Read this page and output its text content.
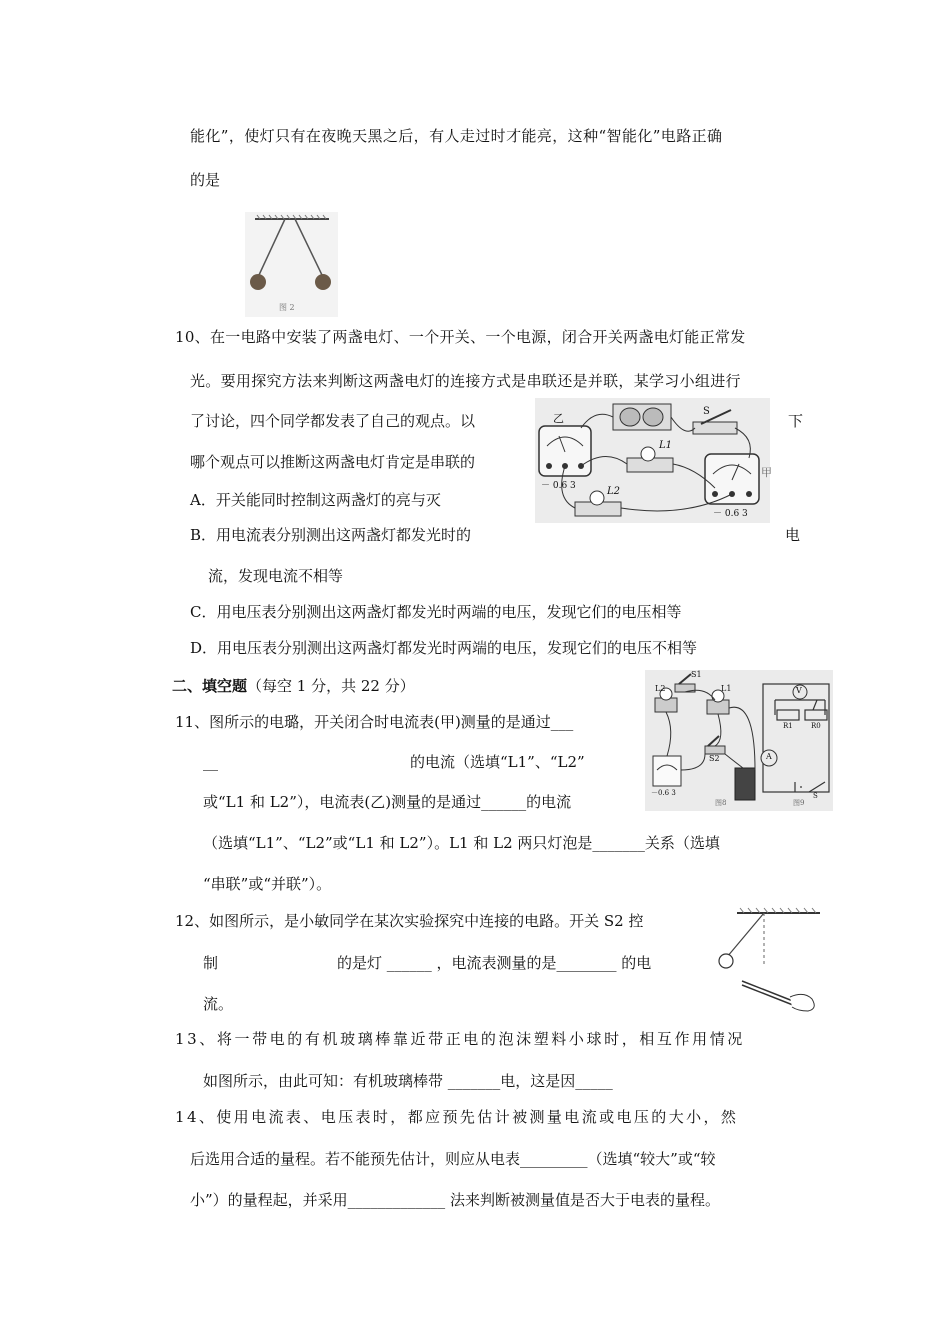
能化”，使灯只有在夜晚天黑之后，有人走过时才能亮，这种“智能化”电路正确
的是
图 2
10、在一电路中安装了两盏电灯、一个开关、一个电源，闭合开关两盏电灯能正常发
光。要用探究方法来判断这两盏电灯的连接方式是串联还是并联，某学习小组进行
了讨论，四个同学都发表了自己的观点。以	下
哪个观点可以推断这两盏电灯肯定是串联的
A．开关能同时控制这两盏灯的亮与灭
B．用电流表分别测出这两盏灯都发光时的	电
流，发现电流不相等
C．用电压表分别测出这两盏灯都发光时两端的电压，发现它们的电压相等
D．用电压表分别测出这两盏灯都发光时两端的电压，发现它们的电压不相等
乙
甲
S
L1
L2
－ 0.6 3
－ 0.6 3
二、填空题（每空 1 分，共 22 分）
11、图所示的电璐，开关闭合时电流表(甲)测量的是通过___
__	的电流（选填“L1”、“L2”
或“L1 和 L2”），电流表(乙)测量的是通过______的电流
（选填“L1”、“L2”或“L1 和 L2”）。L1 和 L2 两只灯泡是_______关系（选填
“串联”或“并联”）。
S1
S2
L2	L1
－0.6 3
图8	图9
V
A
R1	R0
S
12、如图所示，是小敏同学在某次实验探究中连接的电路。开关 S2 控
制	的是灯 ______ ，电流表测量的是________ 的电
流。
13、将一带电的有机玻璃棒靠近带正电的泡沫塑料小球时，相互作用情况
如图所示，由此可知：有机玻璃棒带 _______电，这是因_____
14、使用电流表、电压表时，都应预先估计被测量电流或电压的大小，然
后选用合适的量程。若不能预先估计，则应从电表_________（选填“较大”或“较
小”）的量程起，并采用_____________ 法来判断被测量值是否大于电表的量程。
